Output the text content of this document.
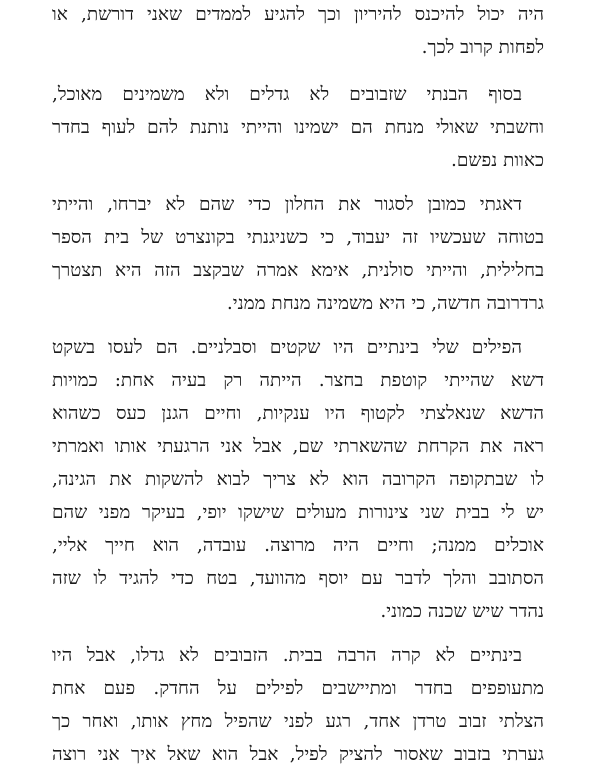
היה יכול להיכנס להיריון וכך להגיע לממדים שאני דורשת, או
לפחות קרוב לכך.
בסוף הבנתי שזבובים לא גדלים ולא משמינים מאוכל,
וחשבתי שאולי מנחת הם ישמינו והייתי נותנת להם לעוף בחדר
כאוות נפשם.
דאגתי כמובן לסגור את החלון כדי שהם לא יברחו, והייתי
בטוחה שעכשיו זה יעבוד, כי כשניגנתי בקונצרט של בית הספר
בחלילית, והייתי סולנית, אימא אמרה שבקצב הזה היא תצטרך
גרדרובה חדשה, כי היא משמינה מנחת ממני.
הפילים שלי בינתיים היו שקטים וסבלניים. הם לעסו בשקט
דשא שהייתי קוטפת בחצר. הייתה רק בעיה אחת: כמויות
הדשא שנאלצתי לקטוף היו ענקיות, וחיים הגנן כעס כשהוא
ראה את הקרחת שהשארתי שם, אבל אני הרגעתי אותו ואמרתי
לו שבתקופה הקרובה הוא לא צריך לבוא להשקות את הגינה,
יש לי בבית שני צינורות מעולים שישקו יופי, בעיקר מפני שהם
אוכלים ממנה; וחיים היה מרוצה. עובדה, הוא חייך אליי,
הסתובב והלך לדבר עם יוסף מהוועד, בטח כדי להגיד לו שזה
נהדר שיש שכנה כמוני.
בינתיים לא קרה הרבה בבית. הזבובים לא גדלו, אבל היו
מתעופפים בחדר ומתיישבים לפילים על החדק. פעם אחת
הצלתי זבוב טרדן אחד, רגע לפני שהפיל מחץ אותו, ואחר כך
גערתי בזבוב שאסור להציק לפיל, אבל הוא שאל איך אני רוצה
